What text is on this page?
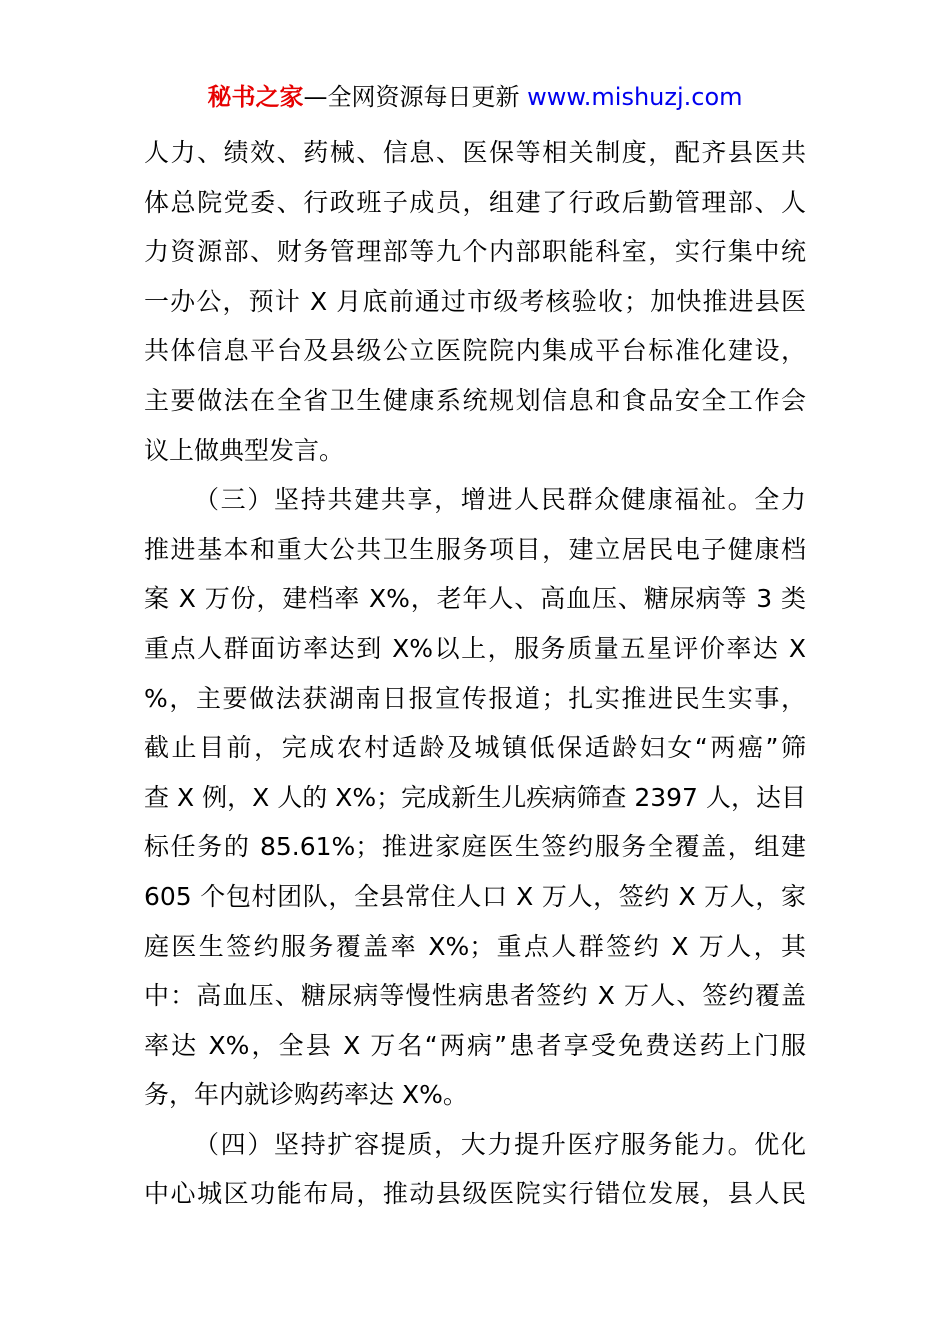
秘书之家—全网资源每日更新 www.mishuzj.com
人力、绩效、药械、信息、医保等相关制度，配齐县医共
体总院党委、行政班子成员，组建了行政后勤管理部、人
力资源部、财务管理部等九个内部职能科室，实行集中统
一办公，预计 X 月底前通过市级考核验收；加快推进县医
共体信息平台及县级公立医院院内集成平台标准化建设，
主要做法在全省卫生健康系统规划信息和食品安全工作会
议上做典型发言。
（三）坚持共建共享，增进人民群众健康福祉。全力
推进基本和重大公共卫生服务项目，建立居民电子健康档
案 X 万份，建档率 X%，老年人、高血压、糖尿病等 3 类
重点人群面访率达到 X%以上，服务质量五星评价率达 X
%，主要做法获湖南日报宣传报道；扎实推进民生实事，
截止目前，完成农村适龄及城镇低保适龄妇女“两癌”筛
查 X 例，X 人的 X%；完成新生儿疾病筛查 2397 人，达目
标任务的 85.61%；推进家庭医生签约服务全覆盖，组建
605 个包村团队，全县常住人口 X 万人，签约 X 万人，家
庭医生签约服务覆盖率 X%；重点人群签约 X 万人，其
中：高血压、糖尿病等慢性病患者签约 X 万人、签约覆盖
率达 X%，全县 X 万名“两病”患者享受免费送药上门服
务，年内就诊购药率达 X%。
（四）坚持扩容提质，大力提升医疗服务能力。优化
中心城区功能布局，推动县级医院实行错位发展，县人民
